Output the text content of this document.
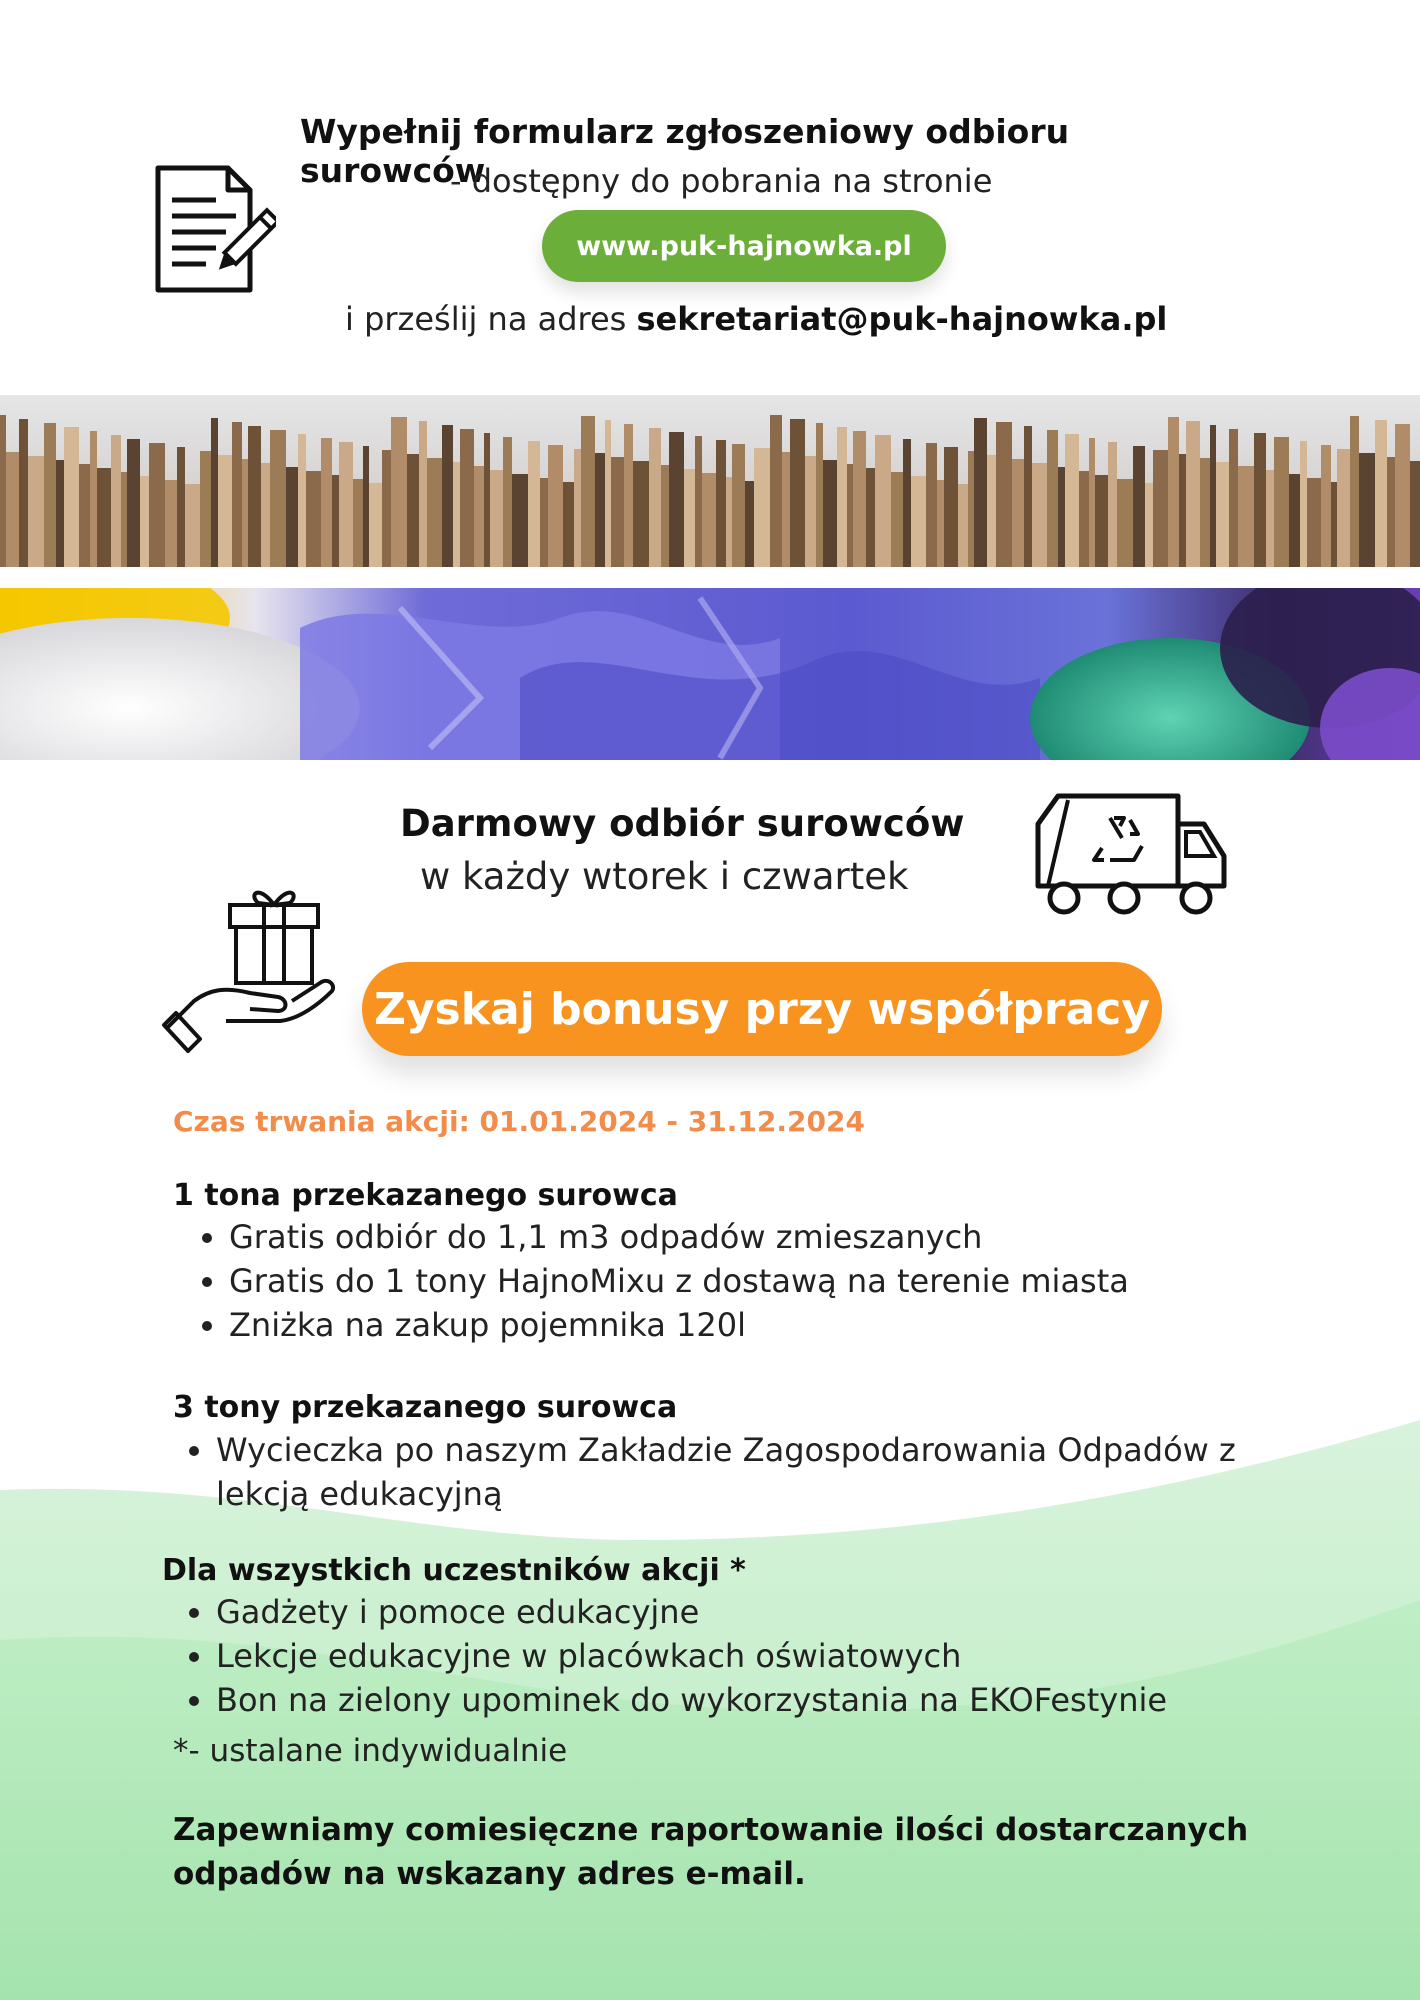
Wypełnij formularz zgłoszeniowy odbioru surowców
- dostępny do pobrania na stronie
www.puk-hajnowka.pl
i prześlij na adres sekretariat@puk-hajnowka.pl
Darmowy odbiór surowców
w każdy wtorek i czwartek
Zyskaj bonusy przy współpracy
Czas trwania akcji: 01.01.2024 - 31.12.2024
1 tona przekazanego surowca
• Gratis odbiór do 1,1 m3 odpadów zmieszanych
• Gratis do 1 tony HajnoMixu z dostawą na terenie miasta
• Zniżka na zakup pojemnika 120l
3 tony przekazanego surowca
• Wycieczka po naszym Zakładzie Zagospodarowania Odpadów z lekcją edukacyjną
Dla wszystkich uczestników akcji *
• Gadżety i pomoce edukacyjne
• Lekcje edukacyjne w placówkach oświatowych
• Bon na zielony upominek do wykorzystania na EKOFestynie
*- ustalane indywidualnie
Zapewniamy comiesięczne raportowanie ilości dostarczanych odpadów na wskazany adres e-mail.
